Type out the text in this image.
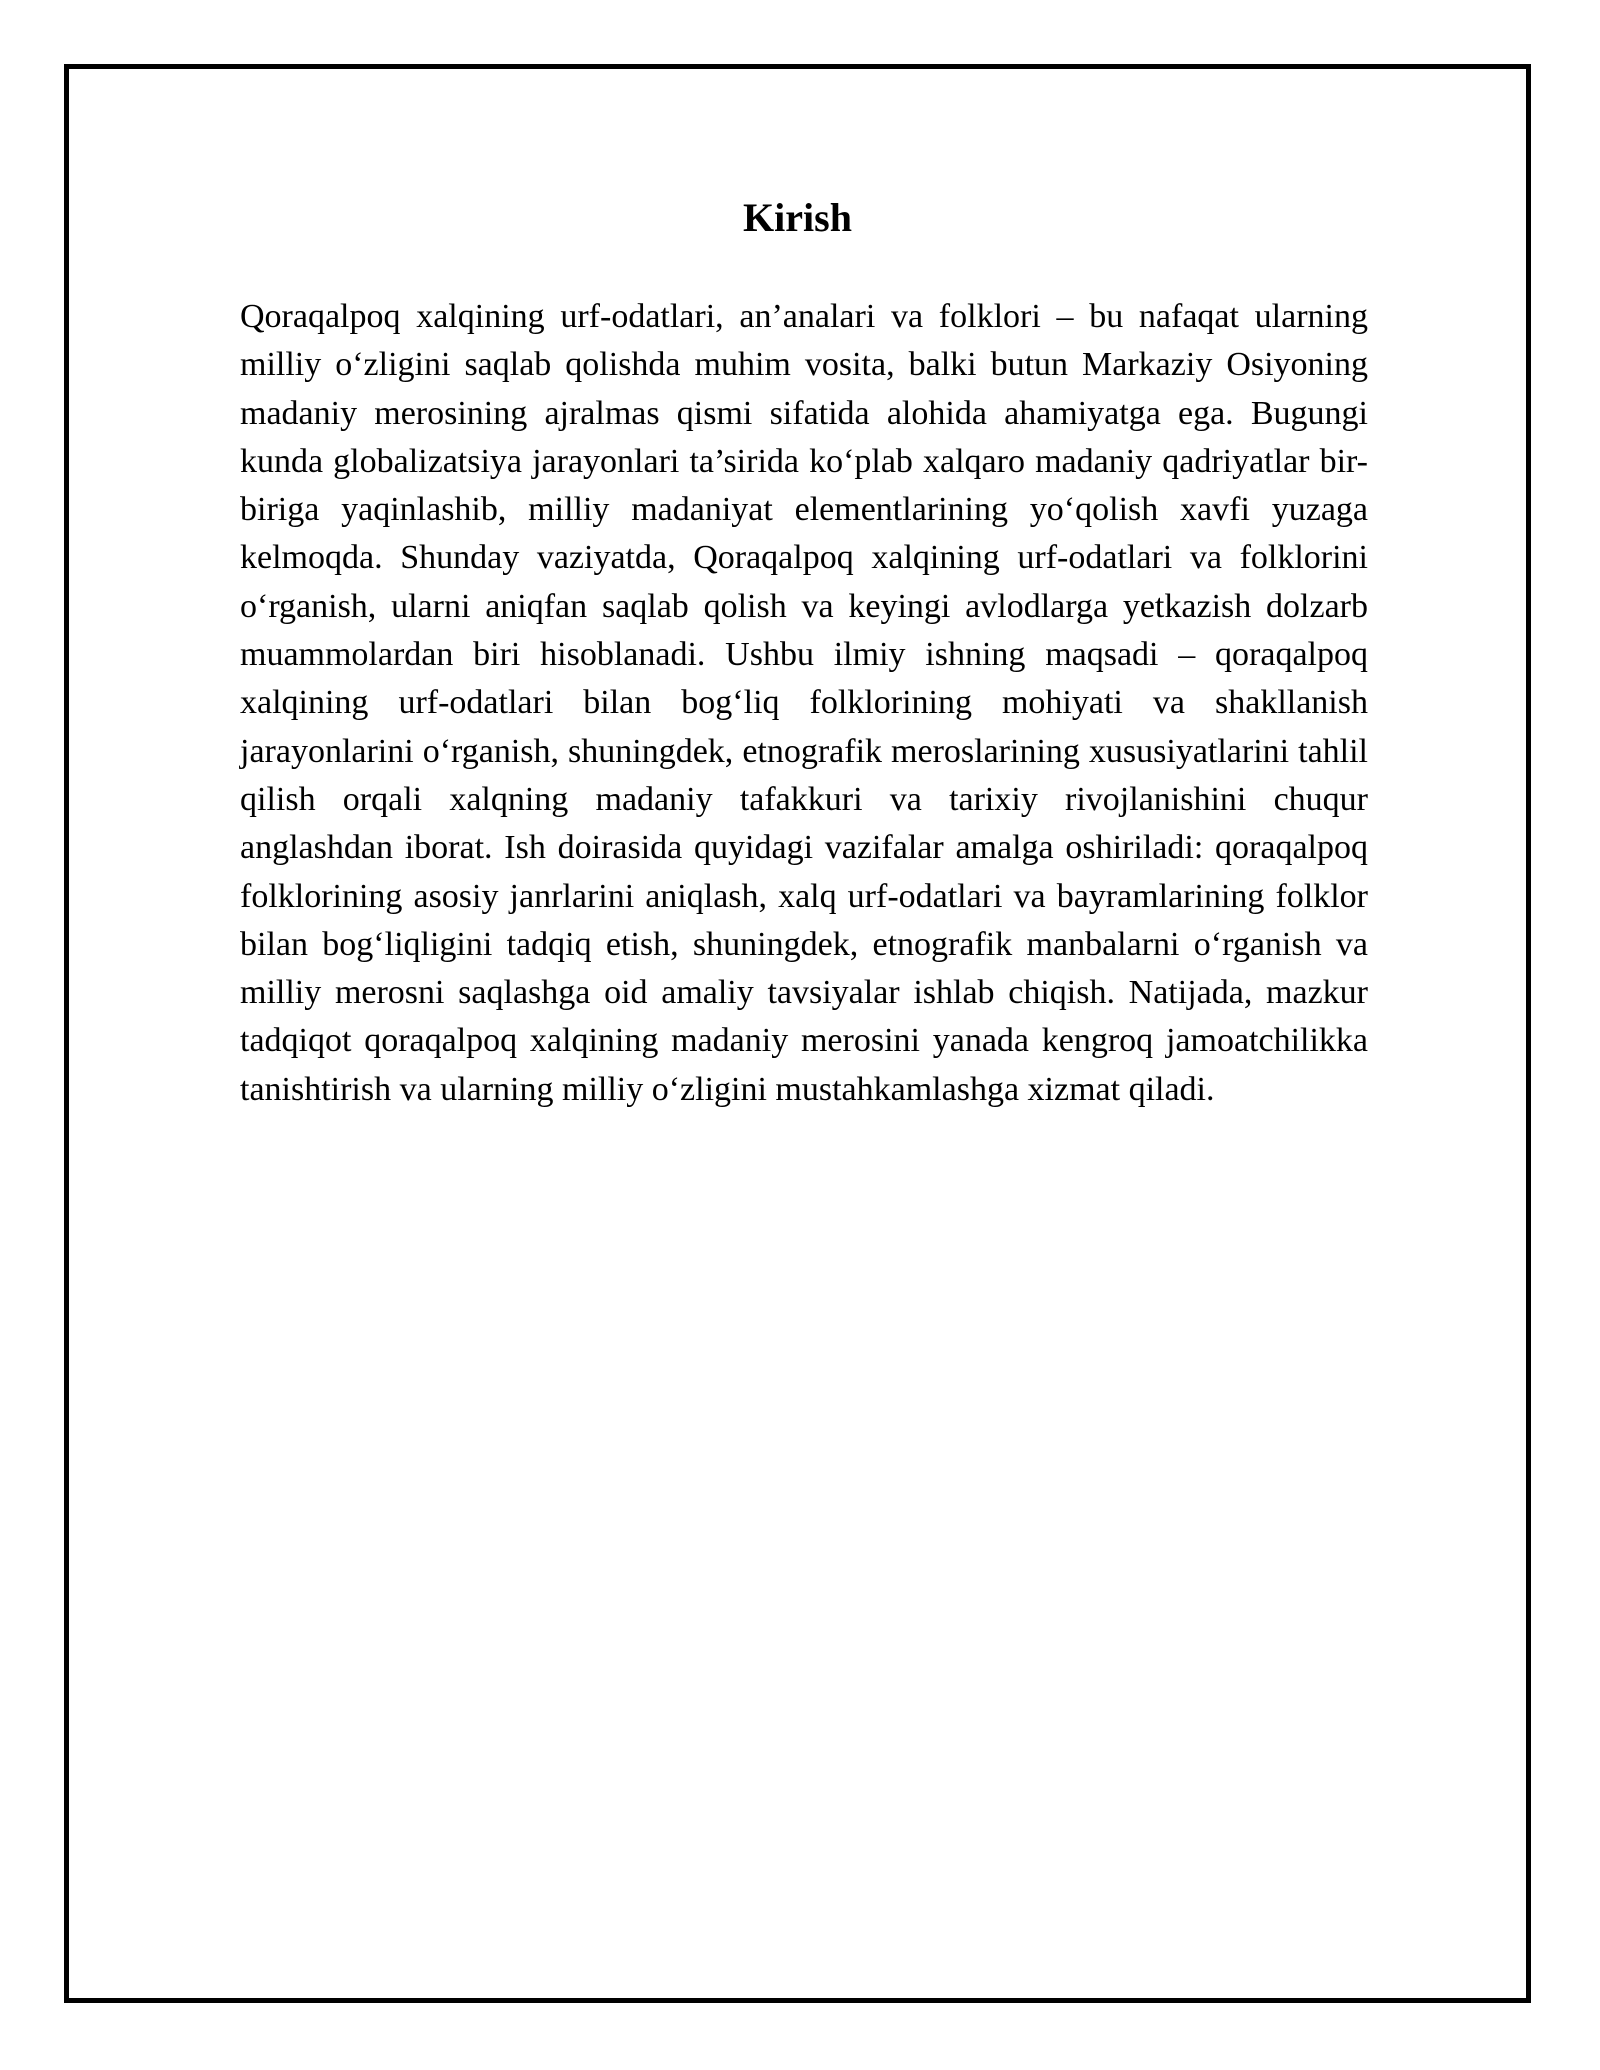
Kirish

Qoraqalpoq xalqining urf-odatlari, an’analari va folklori – bu nafaqat ularning milliy o‘zligini saqlab qolishda muhim vosita, balki butun Markaziy Osiyoning madaniy merosining ajralmas qismi sifatida alohida ahamiyatga ega. Bugungi kunda globalizatsiya jarayonlari ta’sirida ko‘plab xalqaro madaniy qadriyatlar bir-biriga yaqinlashib, milliy madaniyat elementlarining yo‘qolish xavfi yuzaga kelmoqda. Shunday vaziyatda, Qoraqalpoq xalqining urf-odatlari va folklorini o‘rganish, ularni aniqfan saqlab qolish va keyingi avlodlarga yetkazish dolzarb muammolardan biri hisoblanadi. Ushbu ilmiy ishning maqsadi – qoraqalpoq xalqining urf-odatlari bilan bog‘liq folklorining mohiyati va shakllanish jarayonlarini o‘rganish, shuningdek, etnografik meroslarining xususiyatlarini tahlil qilish orqali xalqning madaniy tafakkuri va tarixiy rivojlanishini chuqur anglashdan iborat. Ish doirasida quyidagi vazifalar amalga oshiriladi: qoraqalpoq folklorining asosiy janrlarini aniqlash, xalq urf-odatlari va bayramlarining folklor bilan bog‘liqligini tadqiq etish, shuningdek, etnografik manbalarni o‘rganish va milliy merosni saqlashga oid amaliy tavsiyalar ishlab chiqish. Natijada, mazkur tadqiqot qoraqalpoq xalqining madaniy merosini yanada kengroq jamoatchilikka tanishtirish va ularning milliy o‘zligini mustahkamlashga xizmat qiladi.
